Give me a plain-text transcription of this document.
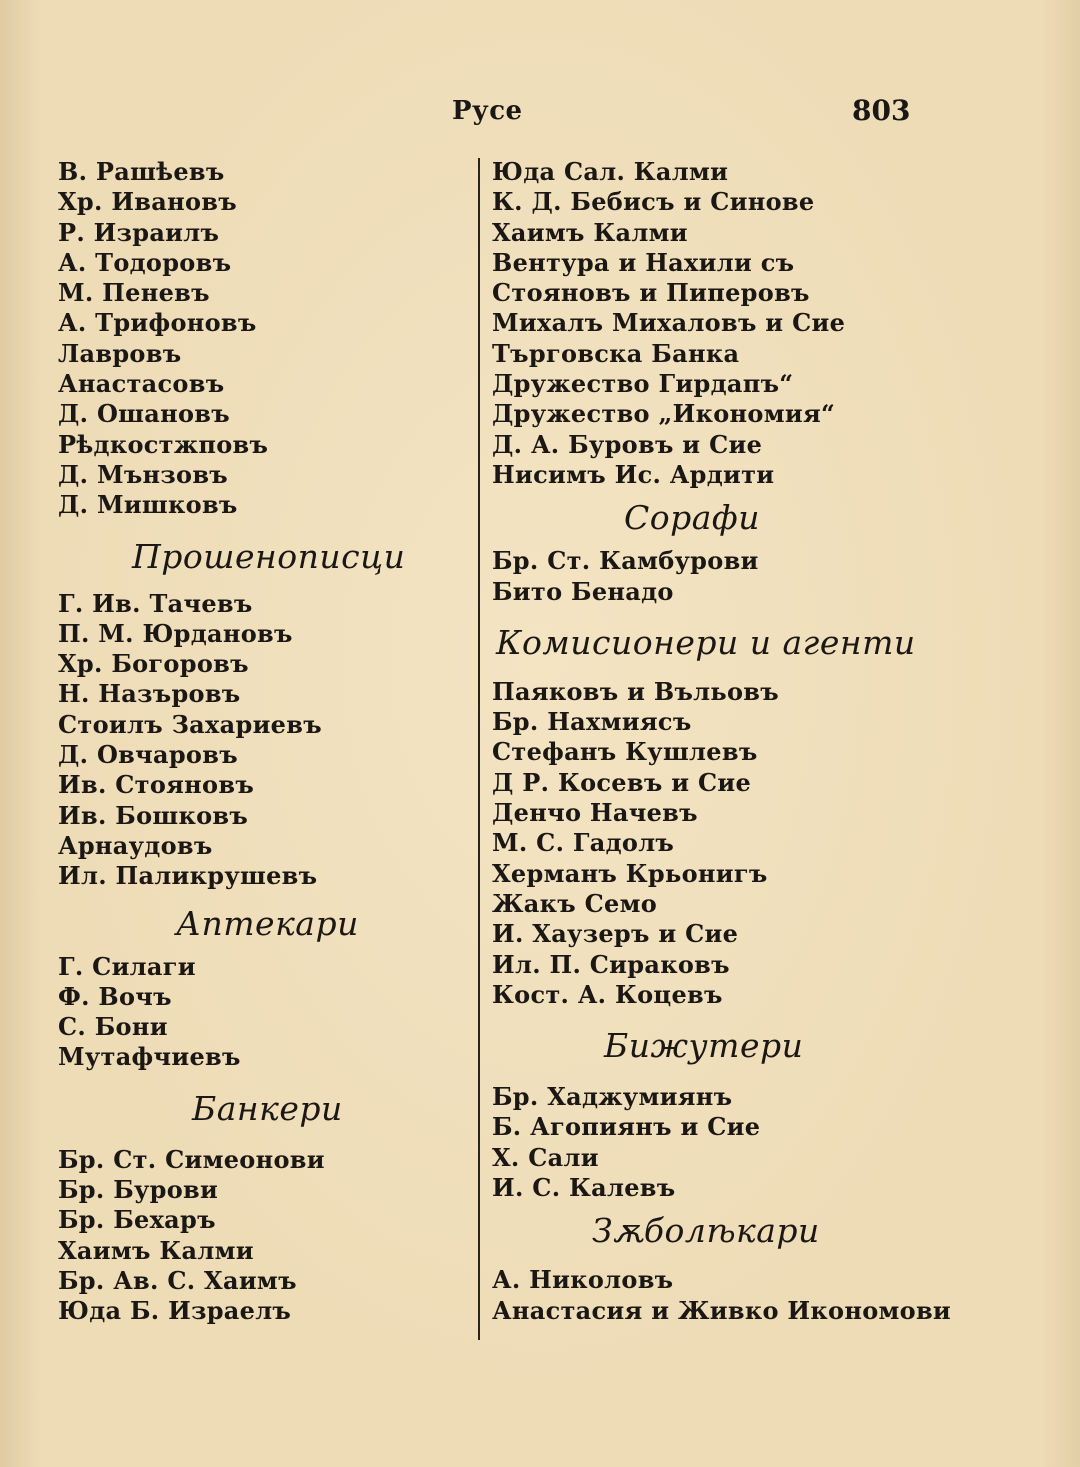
Русе	803
В. Рашѣевъ
Хр. Ивановъ
Р. Израилъ
А. Тодоровъ
М. Пеневъ
А. Трифоновъ
Лавровъ
Анастасовъ
Д. Ошановъ
Рѣдкостжповъ
Д. Мънзовъ
Д. Мишковъ
Прошенописци
Г. Ив. Тачевъ
П. М. Юрдановъ
Хр. Богоровъ
Н. Назъровъ
Стоилъ Захариевъ
Д. Овчаровъ
Ив. Стояновъ
Ив. Бошковъ
Арнаудовъ
Ил. Паликрушевъ
Аптекари
Г. Силаги
Ф. Вочъ
С. Бони
Мутафчиевъ
Банкери
Бр. Ст. Симеонови
Бр. Бурови
Бр. Бехаръ
Хаимъ Калми
Бр. Ав. С. Хаимъ
Юда Б. Израелъ
Юда Сал. Калми
К. Д. Бебисъ и Синове
Хаимъ Калми
Вентура и Нахили съ
Стояновъ и Пиперовъ
Михалъ Михаловъ и Сие
Търговска Банка
Дружество Гирдапъ“
Дружество „Икономия“
Д. А. Буровъ и Сие
Нисимъ Ис. Ардити
Сорафи
Бр. Ст. Камбурови
Бито Бенадо
Комисионери и агенти
Паяковъ и Въльовъ
Бр. Нахмиясъ
Стефанъ Кушлевъ
Д Р. Косевъ и Сие
Денчо Начевъ
М. С. Гадолъ
Херманъ Крьонигъ
Жакъ Семо
И. Хаузеръ и Сие
Ил. П. Сираковъ
Кост. А. Коцевъ
Бижутери
Бр. Хаджумиянъ
Б. Агопиянъ и Сие
Х. Сали
И. С. Калевъ
Зѫболѣкари
А. Николовъ
Анастасия и Живко Икономови
